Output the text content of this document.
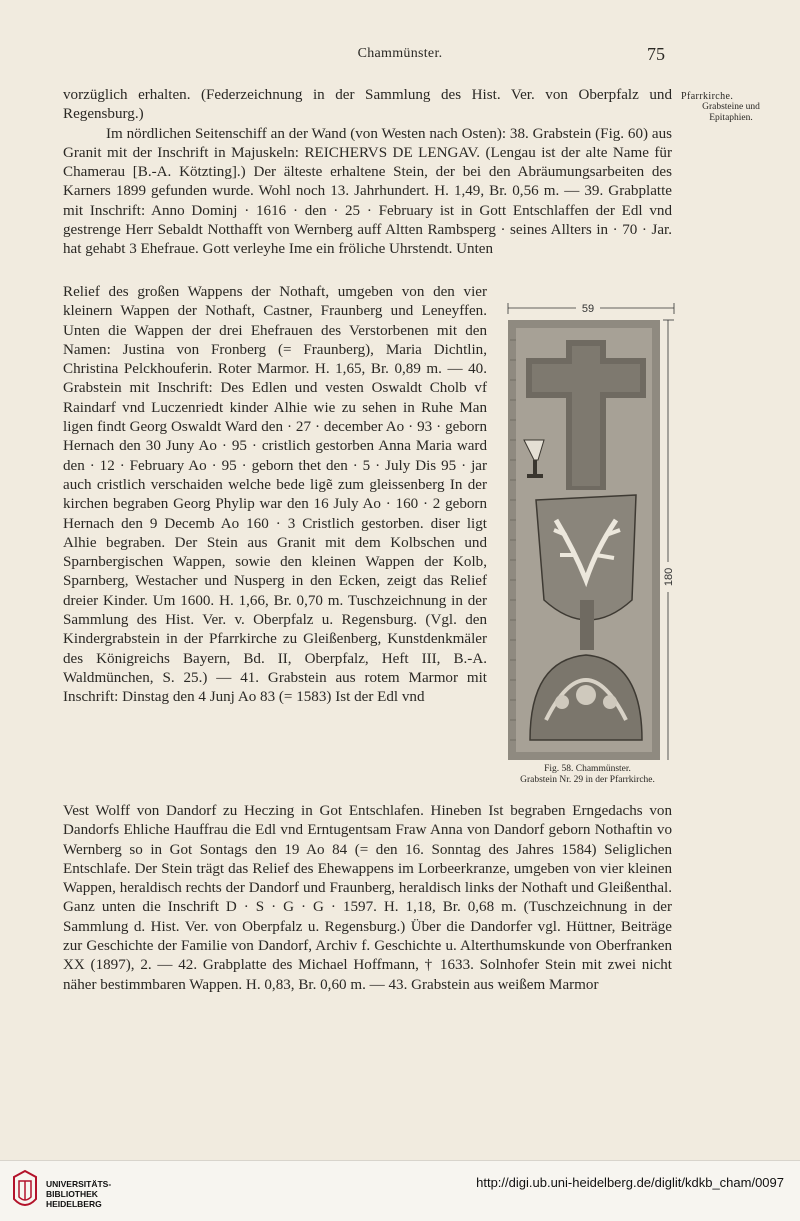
Chammünster.	75
Pfarrkirche.
Grabsteine und
Epitaphien.

vorzüglich erhalten. (Federzeichnung in der Sammlung des Hist. Ver. von Oberpfalz und Regensburg.)

Im nördlichen Seitenschiff an der Wand (von Westen nach Osten): 38. Grabstein (Fig. 60) aus Granit mit der Inschrift in Majuskeln: REICHERVS DE LENGAV. (Lengau ist der alte Name für Chamerau [B.-A. Kötzting].) Der älteste erhaltene Stein, der bei den Abräumungsarbeiten des Karners 1899 gefunden wurde. Wohl noch 13. Jahrhundert. H. 1,49, Br. 0,56 m. — 39. Grabplatte mit Inschrift: Anno Dominj · 1616 · den · 25 · February ist in Gott Entschlaffen der Edl vnd gestrenge Herr Sebaldt Notthafft von Wernberg auff Altten Rambsperg · seines Allters in · 70 · Jar. hat gehabt 3 Ehefraue. Gott verleyhe Ime ein fröliche Uhrstendt. Unten

Relief des großen Wappens der Nothaft, umgeben von den vier kleinern Wappen der Nothaft, Castner, Fraunberg und Leneyffen. Unten die Wappen der drei Ehefrauen des Verstorbenen mit den Namen: Justina von Fronberg (= Fraunberg), Maria Dichtlin, Christina Pelckhouferin. Roter Marmor. H. 1,65, Br. 0,89 m. — 40. Grabstein mit Inschrift: Des Edlen und vesten Oswaldt Cholb vf Raindarf vnd Luczenriedt kinder Alhie wie zu sehen in Ruhe Man ligen findt Georg Oswaldt Ward den · 27 · december Ao · 93 · geborn Hernach den 30 Juny Ao · 95 · cristlich gestorben Anna Maria ward den · 12 · February Ao · 95 · geborn thet den · 5 · July Dis 95 · jar auch cristlich verschaiden welche bede ligẽ zum gleissenberg In der kirchen begraben Georg Phylip war den 16 July Ao · 160 · 2 geborn Hernach den 9 Decemb Ao 160 · 3 Cristlich gestorben. diser ligt Alhie begraben. Der Stein aus Granit mit dem Kolbschen und Sparnbergischen Wappen, sowie den kleinen Wappen der Kolb, Sparnberg, Westacher und Nusperg in den Ecken, zeigt das Relief dreier Kinder. Um 1600. H. 1,66, Br. 0,70 m. Tuschzeichnung in der Sammlung des Hist. Ver. v. Oberpfalz u. Regensburg. (Vgl. den Kindergrabstein in der Pfarrkirche zu Gleißenberg, Kunstdenkmäler des Königreichs Bayern, Bd. II, Oberpfalz, Heft III, B.-A. Waldmünchen, S. 25.) — 41. Grabstein aus rotem Marmor mit Inschrift: Dinstag den 4 Junj Ao 83 (= 1583) Ist der Edl vnd

Vest Wolff von Dandorf zu Heczing in Got Entschlafen. Hineben Ist begraben Erngedachs von Dandorfs Ehliche Hauffrau die Edl vnd Erntugentsam Fraw Anna von Dandorf geborn Nothaftin vo Wernberg so in Got Sontags den 19 Ao 84 (= den 16. Sonntag des Jahres 1584) Seliglichen Entschlafe. Der Stein trägt das Relief des Ehewappens im Lorbeerkranze, umgeben von vier kleinen Wappen, heraldisch rechts der Dandorf und Fraunberg, heraldisch links der Nothaft und Gleißenthal. Ganz unten die Inschrift D · S · G · G · 1597. H. 1,18, Br. 0,68 m. (Tuschzeichnung in der Sammlung d. Hist. Ver. von Oberpfalz u. Regensburg.) Über die Dandorfer vgl. Hüttner, Beiträge zur Geschichte der Familie von Dandorf, Archiv f. Geschichte u. Alterthumskunde von Oberfranken XX (1897), 2. — 42. Grabplatte des Michael Hoffmann, † 1633. Solnhofer Stein mit zwei nicht näher bestimmbaren Wappen. H. 0,83, Br. 0,60 m. — 43. Grabstein aus weißem Marmor

59
180
Fig. 58. Chammünster.
Grabstein Nr. 29 in der Pfarrkirche.
UNIVERSITÄTS-
BIBLIOTHEK
HEIDELBERG
http://digi.ub.uni-heidelberg.de/diglit/kdkb_cham/0097
